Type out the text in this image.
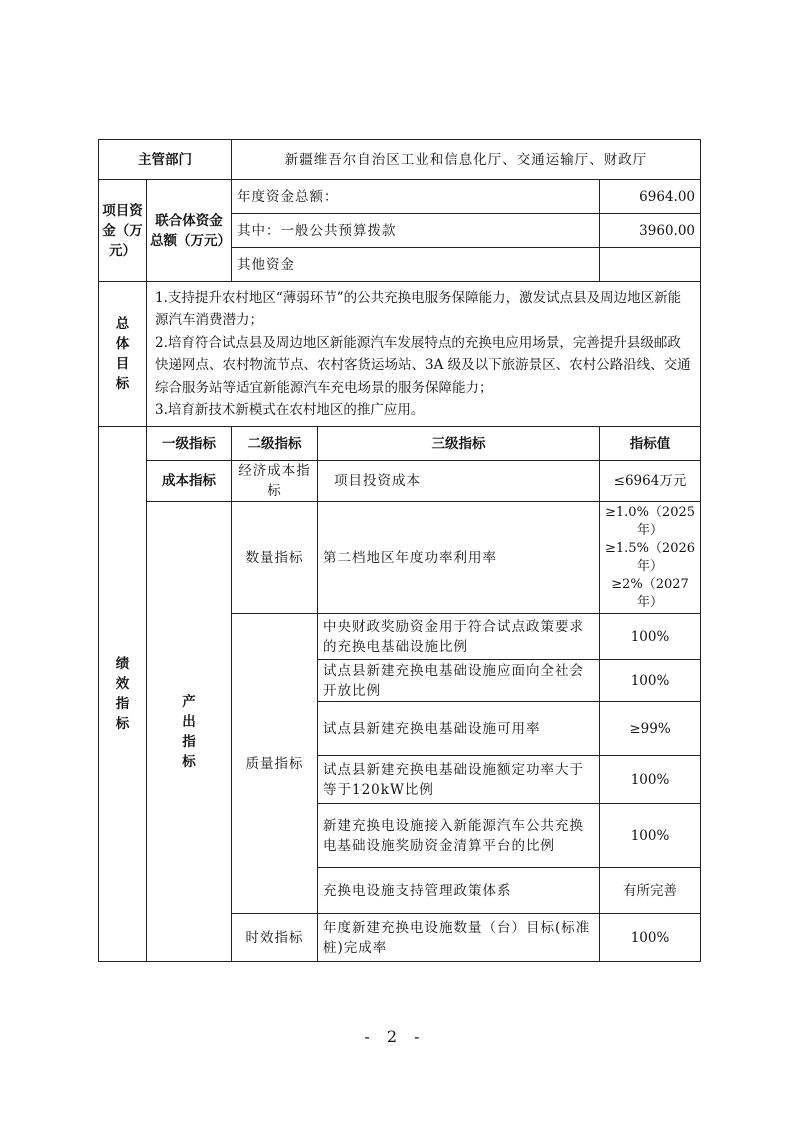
主管部门		新疆维吾尔自治区工业和信息化厅、交通运输厅、财政厅		
项目资金（万元）	联合体资金总额（万元）	年度资金总额：		6964.00
		其中：一般公共预算拨款		3960.00
		其他资金		
总体目标	1.支持提升农村地区“薄弱环节”的公共充换电服务保障能力，激发试点县及周边地区新能源汽车消费潜力；
2.培育符合试点县及周边地区新能源汽车发展特点的充换电应用场景，完善提升县级邮政快递网点、农村物流节点、农村客货运场站、3A 级及以下旅游景区、农村公路沿线、交通综合服务站等适宜新能源汽车充电场景的服务保障能力；
3.培育新技术新模式在农村地区的推广应用。			

绩效指标	一级指标	二级指标	三级指标	指标值
	成本指标	经济成本指标	项目投资成本	≤6964万元
	产出指标	数量指标	第二档地区年度功率利用率	≥1.0%（2025年）
≥1.5%（2026年）
≥2%（2027年）

		质量指标	中央财政奖励资金用于符合试点政策要求的充换电基础设施比例	100%
			试点县新建充换电基础设施应面向全社会开放比例	100%
			试点县新建充换电基础设施可用率	≥99%
			试点县新建充换电基础设施额定功率大于等于120kW比例	100%
			新建充换电设施接入新能源汽车公共充换电基础设施奖励资金清算平台的比例	100%
			充换电设施支持管理政策体系	有所完善
		时效指标	年度新建充换电设施数量（台）目标(标准桩)完成率	100%
- 2 -
